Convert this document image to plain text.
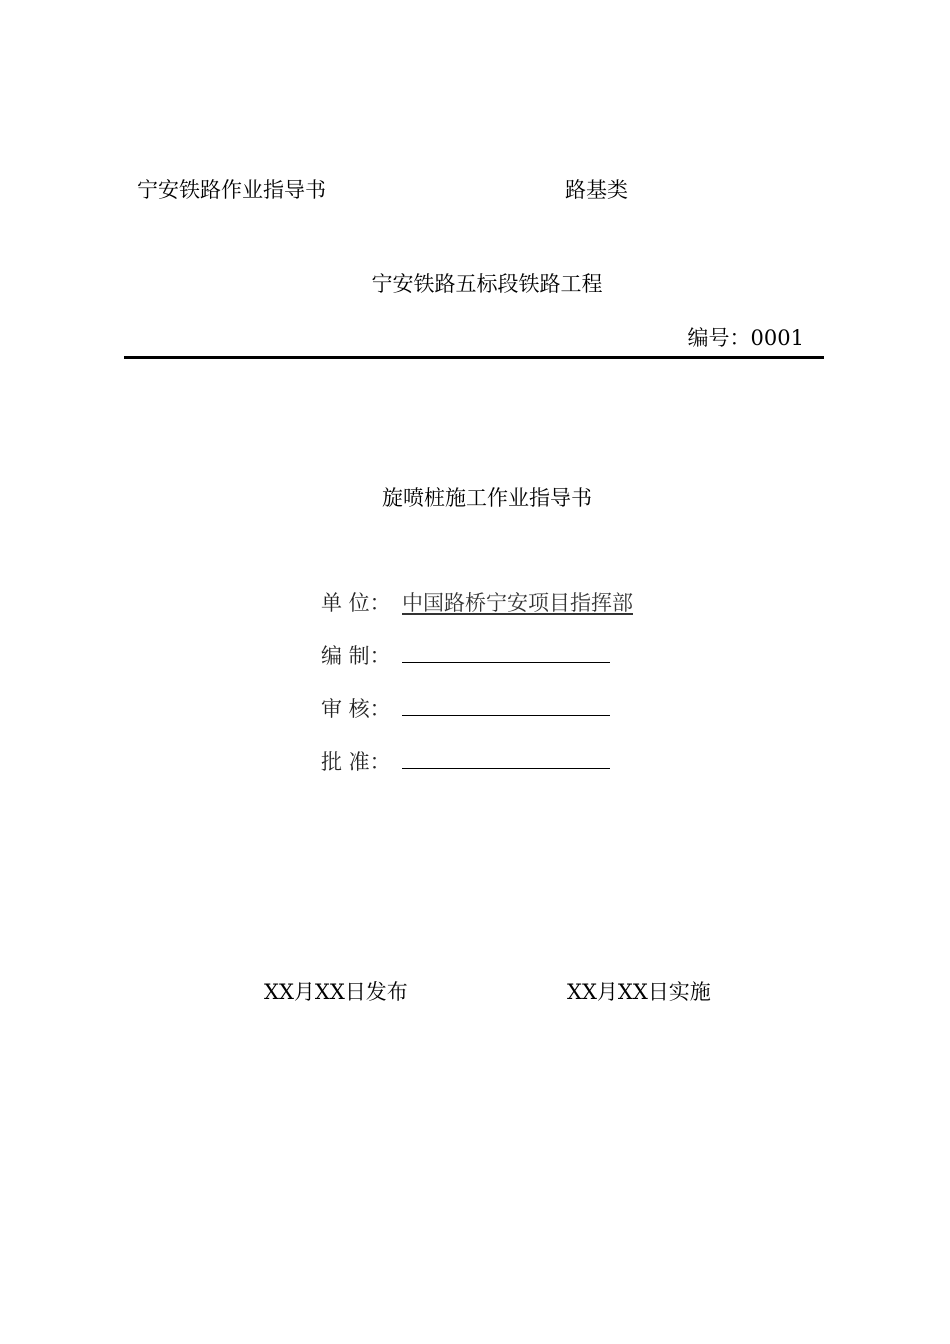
宁安铁路作业指导书	路基类
宁安铁路五标段铁路工程
编号：0001
旋喷桩施工作业指导书
单 位： 中国路桥宁安项目指挥部
编 制：
审 核：
批 准：
XX月XX日发布	XX月XX日实施
